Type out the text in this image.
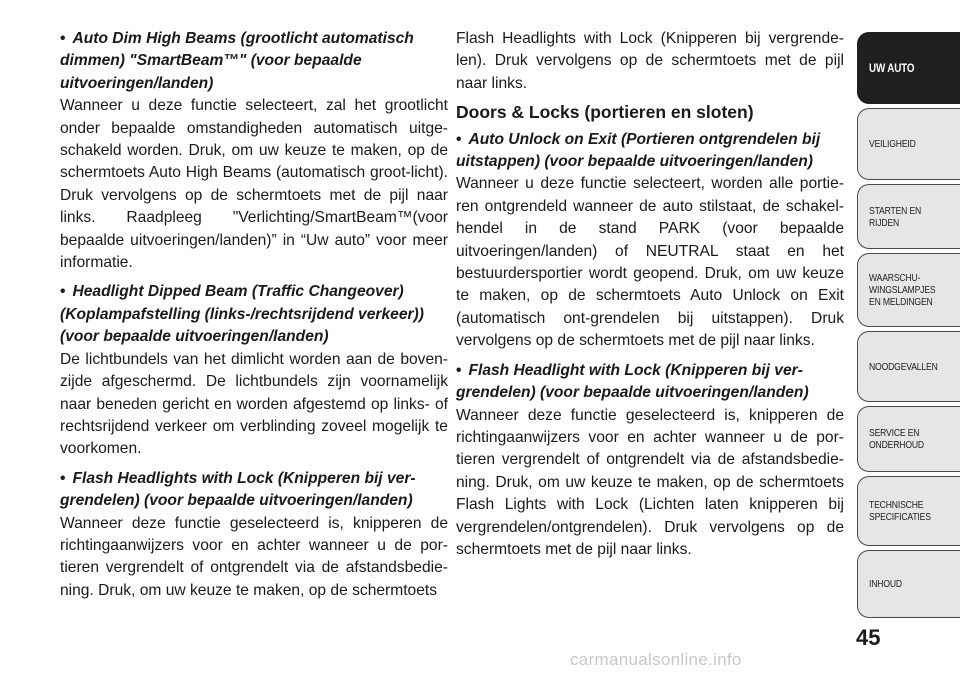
• Auto Dim High Beams (grootlicht automatisch dimmen) "SmartBeam™" (voor bepaalde uitvoeringen/landen)

Wanneer u deze functie selecteert, zal het grootlicht onder bepaalde omstandigheden automatisch uitge-schakeld worden. Druk, om uw keuze te maken, op de schermtoets Auto High Beams (automatisch groot-licht). Druk vervolgens op de schermtoets met de pijl naar links. Raadpleeg "Verlichting/SmartBeam™(voor bepaalde uitvoeringen/landen)” in “Uw auto” voor meer informatie.

• Headlight Dipped Beam (Traffic Changeover) (Koplampafstelling (links-/rechtsrijdend verkeer)) (voor bepaalde uitvoeringen/landen)

De lichtbundels van het dimlicht worden aan de boven-zijde afgeschermd. De lichtbundels zijn voornamelijk naar beneden gericht en worden afgestemd op links- of rechtsrijdend verkeer om verblinding zoveel mogelijk te voorkomen.

• Flash Headlights with Lock (Knipperen bij ver-grendelen) (voor bepaalde uitvoeringen/landen)

Wanneer deze functie geselecteerd is, knipperen de richtingaanwijzers voor en achter wanneer u de por-tieren vergrendelt of ontgrendelt via de afstandsbedie-ning. Druk, om uw keuze te maken, op de schermtoets

Flash Headlights with Lock (Knipperen bij vergrende-len). Druk vervolgens op de schermtoets met de pijl naar links.

Doors & Locks (portieren en sloten)

• Auto Unlock on Exit (Portieren ontgrendelen bij uitstappen) (voor bepaalde uitvoeringen/landen)

Wanneer u deze functie selecteert, worden alle portie-ren ontgrendeld wanneer de auto stilstaat, de schakel-hendel in de stand PARK (voor bepaalde uitvoeringen/landen) of NEUTRAL staat en het bestuurdersportier wordt geopend. Druk, om uw keuze te maken, op de schermtoets Auto Unlock on Exit (automatisch ont-grendelen bij uitstappen). Druk vervolgens op de schermtoets met de pijl naar links.

• Flash Headlight with Lock (Knipperen bij ver-grendelen) (voor bepaalde uitvoeringen/landen)

Wanneer deze functie geselecteerd is, knipperen de richtingaanwijzers voor en achter wanneer u de por-tieren vergrendelt of ontgrendelt via de afstandsbedie-ning. Druk, om uw keuze te maken, op de schermtoets Flash Lights with Lock (Lichten laten knipperen bij vergrendelen/ontgrendelen). Druk vervolgens op de schermtoets met de pijl naar links.

UW AUTO
VEILIGHEID
STARTEN EN
RIJDEN
WAARSCHU-
WINGSLAMPJES
EN MELDINGEN
NOODGEVALLEN
SERVICE EN
ONDERHOUD
TECHNISCHE
SPECIFICATIES
INHOUD
45
carmanualsonline.info
